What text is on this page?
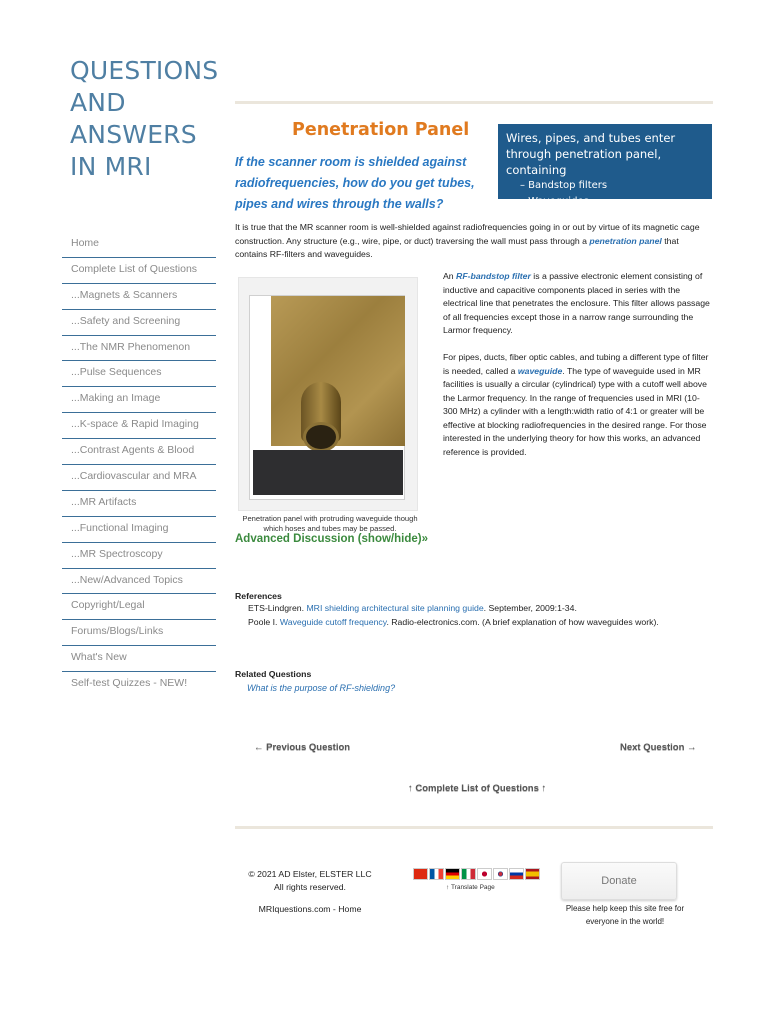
QUESTIONS
AND
ANSWERS
IN MRI
Home
Complete List of Questions
...Magnets & Scanners
...Safety and Screening
...The NMR Phenomenon
...Pulse Sequences
...Making an Image
...K-space & Rapid Imaging
...Contrast Agents & Blood
...Cardiovascular and MRA
...MR Artifacts
...Functional Imaging
...MR Spectroscopy
...New/Advanced Topics
Copyright/Legal
Forums/Blogs/Links
What's New
Self-test Quizzes - NEW!
Penetration Panel
If the scanner room is shielded against radiofrequencies, how do you get tubes, pipes and wires through the walls?
Wires, pipes, and tubes enter through penetration panel, containing
– Bandstop filters
– Waveguides

It is true that the MR scanner room is well-shielded against radiofrequencies going in or out by virtue of its magnetic cage construction. Any structure (e.g., wire, pipe, or duct) traversing the wall must pass through a penetration panel that contains RF-filters and waveguides.

Penetration panel with protruding waveguide though which hoses and tubes may be passed.
Advanced Discussion (show/hide)»

An RF-bandstop filter is a passive electronic element consisting of inductive and capacitive components placed in series with the electrical line that penetrates the enclosure. This filter allows passage of all frequencies except those in a narrow range surrounding the Larmor frequency.

For pipes, ducts, fiber optic cables, and tubing a different type of filter is needed, called a waveguide. The type of waveguide used in MR facilities is usually a circular (cylindrical) type with a cutoff well above the Larmor frequency. In the range of frequencies used in MRI (10-300 MHz) a cylinder with a length:width ratio of 4:1 or greater will be effective at blocking radiofrequencies in the desired range. For those interested in the underlying theory for how this works, an advanced reference is provided.

References
ETS-Lindgren. MRI shielding architectural site planning guide. September, 2009:1-34.
Poole I. Waveguide cutoff frequency. Radio-electronics.com. (A brief explanation of how waveguides work).
Related Questions
What is the purpose of RF-shielding?
← Previous Question	Next Question →
↑ Complete List of Questions ↑
© 2021 AD Elster, ELSTER LLC
All rights reserved.
MRIquestions.com - Home
↑ Translate Page
Donate
Please help keep this site free for everyone in the world!
